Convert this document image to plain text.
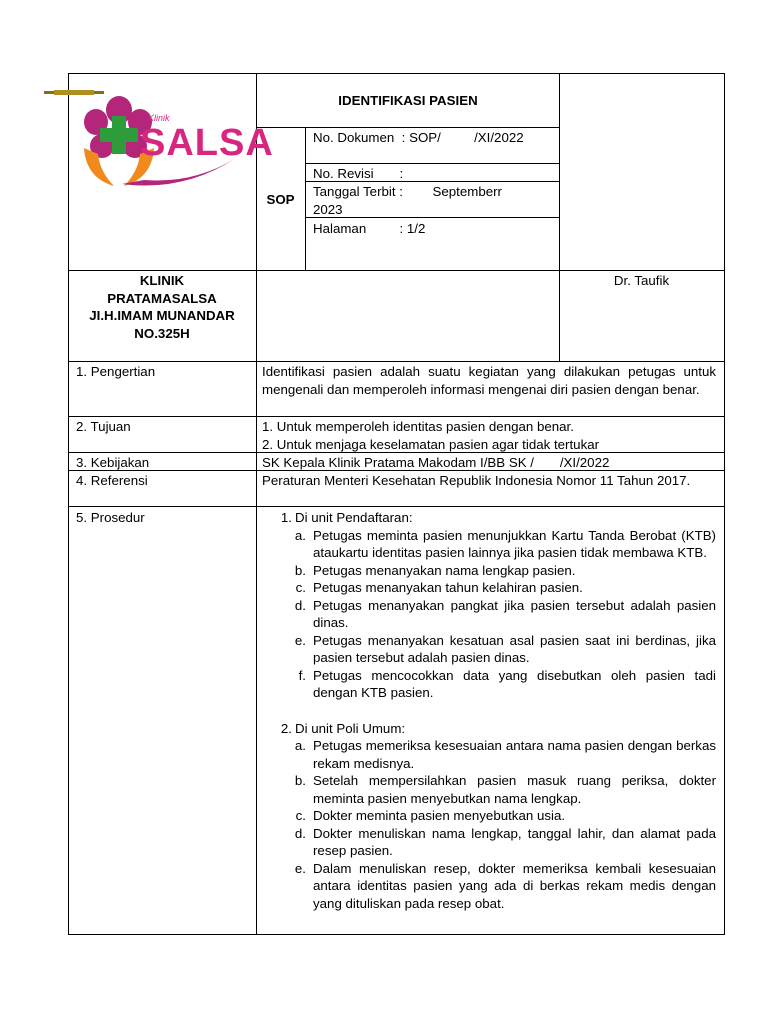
Klinik
SALSA
IDENTIFIKASI PASIEN
SOP
No. Dokumen  : SOP/         /XI/2022
No. Revisi       :
Tanggal Terbit :        Septemberr
2023
Halaman         : 1/2
KLINIK
PRATAMASALSA
JI.H.IMAM MUNANDAR
NO.325H
Dr. Taufik
1. Pengertian	Identifikasi pasien adalah suatu kegiatan yang dilakukan petugas untuk mengenali dan memperoleh informasi mengenai diri pasien dengan benar.
2. Tujuan	1. Untuk memperoleh identitas pasien dengan benar.
2. Untuk menjaga keselamatan pasien agar tidak tertukar
3. Kebijakan	SK Kepala Klinik Pratama Makodam I/BB SK /       /XI/2022
4. Referensi	Peraturan Menteri Kesehatan Republik Indonesia Nomor 11 Tahun 2017.
5. Prosedur	1. Di unit Pendaftaran:
a. Petugas meminta pasien menunjukkan Kartu Tanda Berobat (KTB) ataukartu identitas pasien lainnya jika pasien tidak membawa KTB.
b. Petugas menanyakan nama lengkap pasien.
c. Petugas menanyakan tahun kelahiran pasien.
d. Petugas menanyakan pangkat jika pasien tersebut adalah pasien dinas.
e. Petugas menanyakan kesatuan asal pasien saat ini berdinas, jika pasien tersebut adalah pasien dinas.
f. Petugas mencocokkan data yang disebutkan oleh pasien tadi dengan KTB pasien.
2. Di unit Poli Umum:
a. Petugas memeriksa kesesuaian antara nama pasien dengan berkas rekam medisnya.
b. Setelah mempersilahkan pasien masuk ruang periksa, dokter meminta pasien menyebutkan nama lengkap.
c. Dokter meminta pasien menyebutkan usia.
d. Dokter menuliskan nama lengkap, tanggal lahir, dan alamat pada resep pasien.
e. Dalam menuliskan resep, dokter memeriksa kembali kesesuaian antara identitas pasien yang ada di berkas rekam medis dengan yang dituliskan pada resep obat.
